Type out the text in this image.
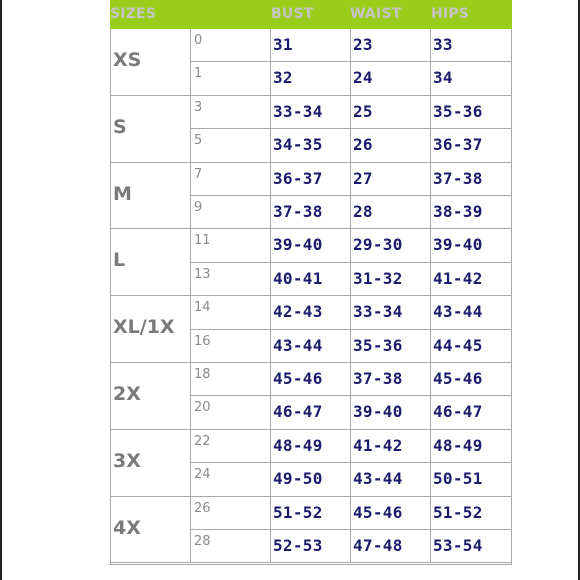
SIZES	BUST	WAIST HIPS
XS
0	31	23	33
1	32	24	34
S
3	33-34 25	35-36
5	34-35 26	36-37
M
7	36-37 27	37-38
9	37-38 28	38-39
L
11	39-40 29-30 39-40
13	40-41 31-32 41-42
XL/1X
14	42-43 33-34 43-44
16	43-44 35-36 44-45
2X
18	45-46 37-38 45-46
20	46-47 39-40 46-47
3X
22	48-49 41-42 48-49
24	49-50 43-44 50-51
4X
26	51-52 45-46 51-52
28	52-53 47-48 53-54
